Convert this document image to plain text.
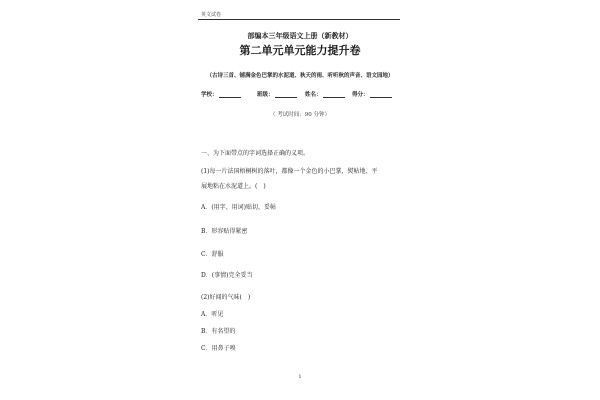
英文试卷
部编本三年级语文上册（新教材）
第二单元单元能力提升卷
（古诗三首、铺满金色巴掌的水泥道、秋天的雨、听听秋的声音、语文园地）
学校：	班级：	姓名：	得分：
（ 考试时间：90 分钟）
一、为下面带点的字词选择正确的义项。
(1)每一片法国梧桐树的落叶，都像一个金色的小巴掌，熨帖地、平
展地粘在水泥道上。(　)
A．(用字、用词)贴切，妥帖
B．形容贴得紧密
C．舒服
D．(事情)完全妥当
(2)好闻的气味(　)
A．听见
B．有名望的
C．用鼻子嗅
1
